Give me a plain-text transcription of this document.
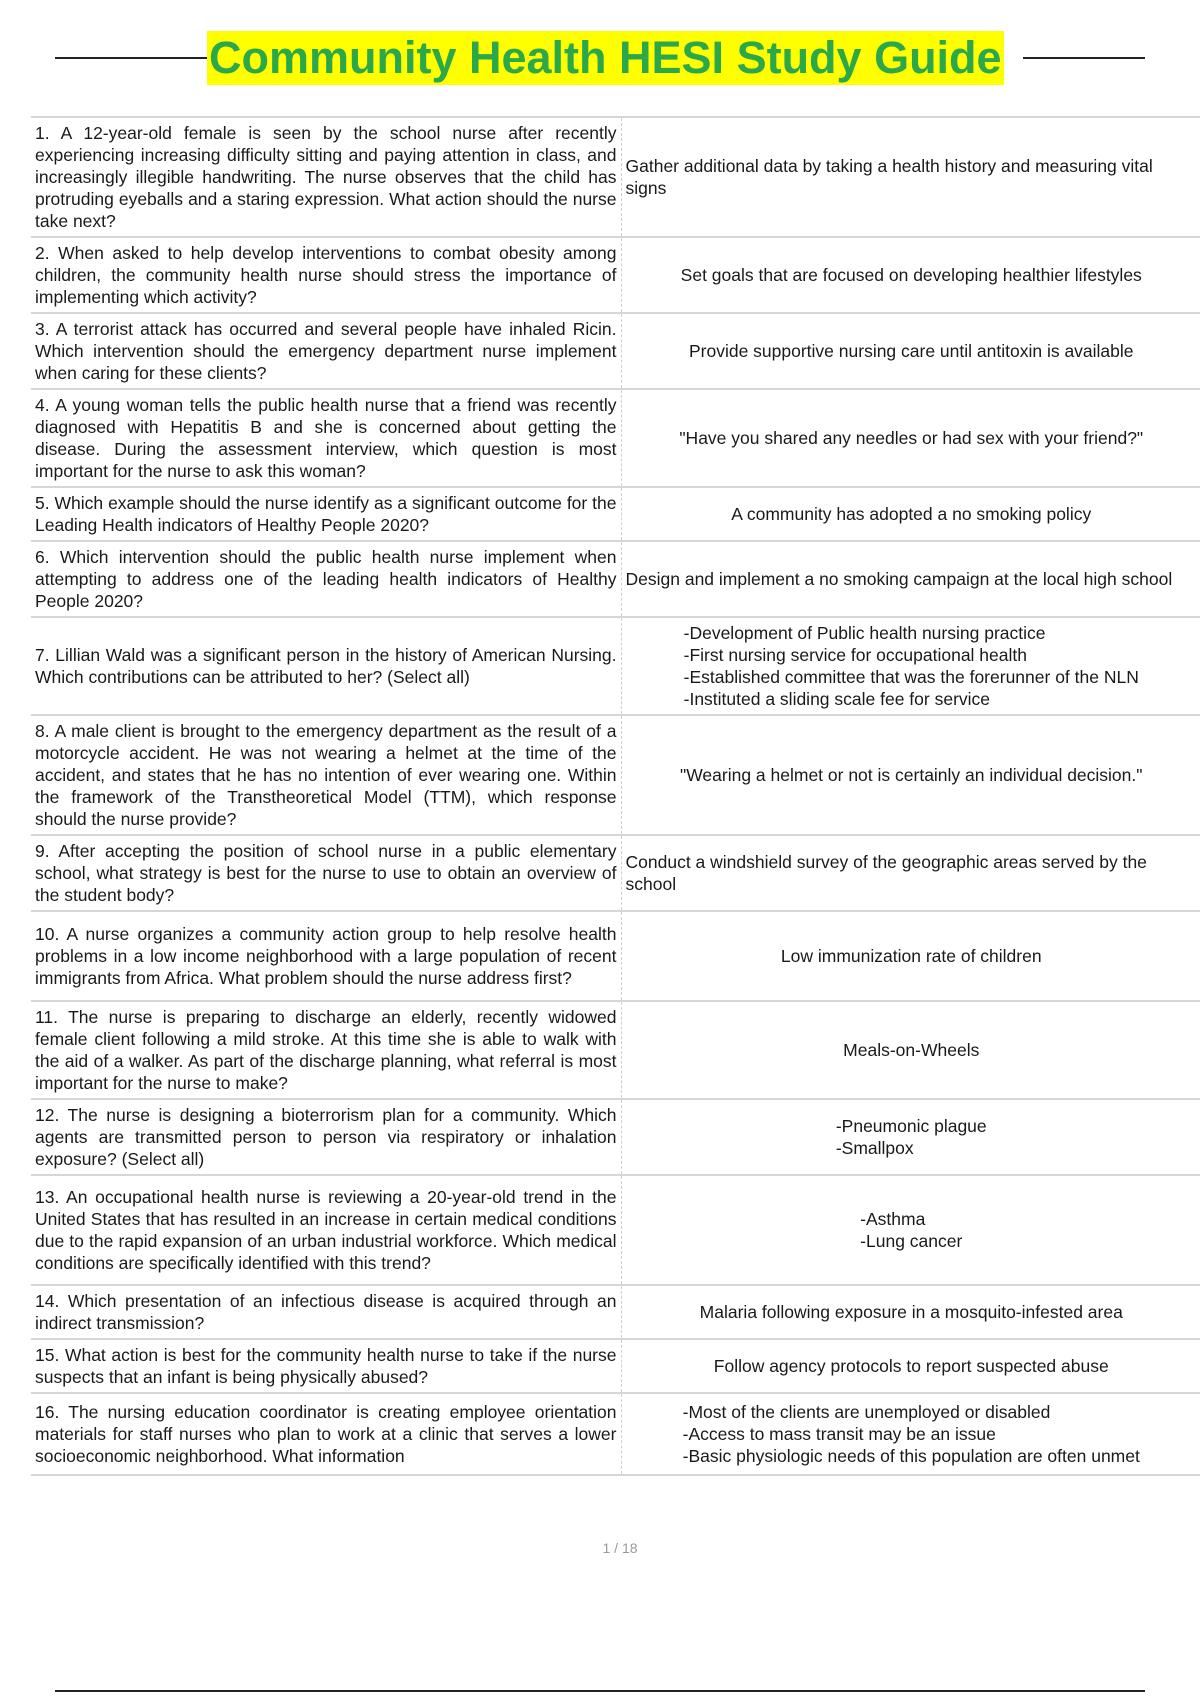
Community Health HESI Study Guide
1. A 12-year-old female is seen by the school nurse after recently experiencing increasing difficulty sitting and paying attention in class, and increasingly illegible handwriting. The nurse observes that the child has protruding eyeballs and a staring expression. What action should the nurse take next?	Gather additional data by taking a health history and measuring vital signs
2. When asked to help develop interventions to combat obesity among children, the community health nurse should stress the importance of implementing which activity?	Set goals that are focused on developing healthier lifestyles
3. A terrorist attack has occurred and several people have inhaled Ricin. Which intervention should the emergency department nurse implement when caring for these clients?	Provide supportive nursing care until antitoxin is available
4. A young woman tells the public health nurse that a friend was recently diagnosed with Hepatitis B and she is concerned about getting the disease. During the assessment interview, which question is most important for the nurse to ask this woman?	"Have you shared any needles or had sex with your friend?"
5. Which example should the nurse identify as a significant outcome for the Leading Health indicators of Healthy People 2020?	A community has adopted a no smoking policy
6. Which intervention should the public health nurse implement when attempting to address one of the leading health indicators of Healthy People 2020?	Design and implement a no smoking campaign at the local high school
7. Lillian Wald was a significant person in the history of American Nursing. Which contributions can be attributed to her? (Select all)	-Development of Public health nursing practice
-First nursing service for occupational health
-Established committee that was the forerunner of the NLN
-Instituted a sliding scale fee for service

8. A male client is brought to the emergency department as the result of a motorcycle accident. He was not wearing a helmet at the time of the accident, and states that he has no intention of ever wearing one. Within the framework of the Transtheoretical Model (TTM), which response should the nurse provide?	"Wearing a helmet or not is certainly an individual decision."
9. After accepting the position of school nurse in a public elementary school, what strategy is best for the nurse to use to obtain an overview of the student body?	Conduct a windshield survey of the geographic areas served by the school
10. A nurse organizes a community action group to help resolve health problems in a low income neighborhood with a large population of recent immigrants from Africa. What problem should the nurse address first?	Low immunization rate of children
11. The nurse is preparing to discharge an elderly, recently widowed female client following a mild stroke. At this time she is able to walk with the aid of a walker. As part of the discharge planning, what referral is most important for the nurse to make?	Meals-on-Wheels
12. The nurse is designing a bioterrorism plan for a community. Which agents are transmitted person to person via respiratory or inhalation exposure? (Select all)	-Pneumonic plague
-Smallpox

13. An occupational health nurse is reviewing a 20-year-old trend in the United States that has resulted in an increase in certain medical conditions due to the rapid expansion of an urban industrial workforce. Which medical conditions are specifically identified with this trend?	-Asthma
-Lung cancer

14. Which presentation of an infectious disease is acquired through an indirect transmission?	Malaria following exposure in a mosquito-infested area
15. What action is best for the community health nurse to take if the nurse suspects that an infant is being physically abused?	Follow agency protocols to report suspected abuse
16. The nursing education coordinator is creating employee orientation materials for staff nurses who plan to work at a clinic that serves a lower socioeconomic neighborhood. What information	-Most of the clients are unemployed or disabled
-Access to mass transit may be an issue
-Basic physiologic needs of this population are often unmet
1 / 18
